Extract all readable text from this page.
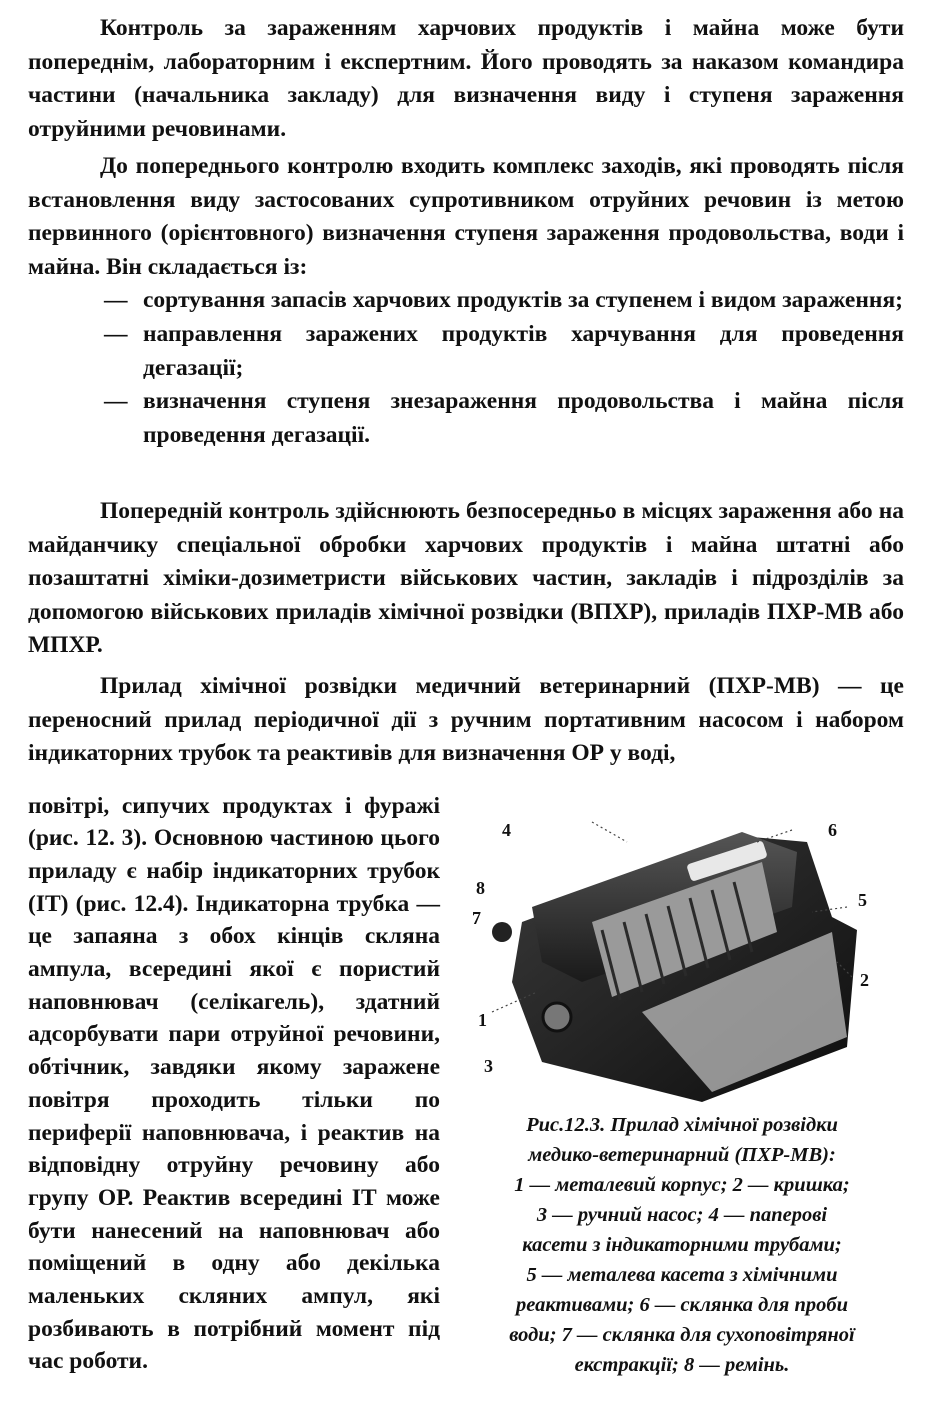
Контроль за зараженням харчових продуктів і майна може бути попереднім, лабораторним і експертним. Його проводять за наказом командира частини (начальника закладу) для визначення виду і ступеня зараження отруйними речовинами.

До попереднього контролю входить комплекс заходів, які проводять після встановлення виду застосованих супротивником отруйних речовин із метою первинного (орієнтовного) визначення ступеня зараження продовольства, води і майна. Він складається із:

— сортування запасів харчових продуктів за ступенем і видом зараження;
— направлення заражених продуктів харчування для проведення дегазації;
— визначення ступеня знезараження продовольства і майна після проведення дегазації.

Попередній контроль здійснюють безпосередньо в місцях зараження або на майданчику спеціальної обробки харчових продуктів і майна штатні або позаштатні хіміки-дозиметристи військових частин, закладів і підрозділів за допомогою військових приладів хімічної розвідки (ВПХР), приладів ПХР-МВ або МПХР.

Прилад хімічної розвідки медичний ветеринарний (ПХР-МВ) — це переносний прилад періодичної дії з ручним портативним насосом і набором індикаторних трубок та реактивів для визначення ОР у воді,

повітрі, сипучих продуктах і фуражі (рис. 12. 3). Основною частиною цього приладу є набір індикаторних трубок (ІТ) (рис. 12.4). Індикаторна трубка — це запаяна з обох кінців скляна ампула, всередині якої є пористий наповнювач (селікагель), здатний адсорбувати пари отруйної речовини, обтічник, завдяки якому заражене повітря проходить тільки по периферії наповнювача, і реактив на відповідну отруйну речовину або групу ОР. Реактив всередині ІТ може бути нанесений на наповнювач або поміщений в одну або декілька маленьких скляних ампул, які розбивають в потрібний момент під час роботи.

4	6
8
5
7
2
1
3
Рис.12.3. Прилад хімічної розвідки
медико-ветеринарний (ПХР-МВ):
1 — металевий корпус; 2 — кришка;
3 — ручний насос; 4 — паперові
касети з індикаторними трубами;
5 — металева касета з хімічними
реактивами; 6 — склянка для проби
води; 7 — склянка для сухоповітряної
екстракції; 8 — ремінь.
